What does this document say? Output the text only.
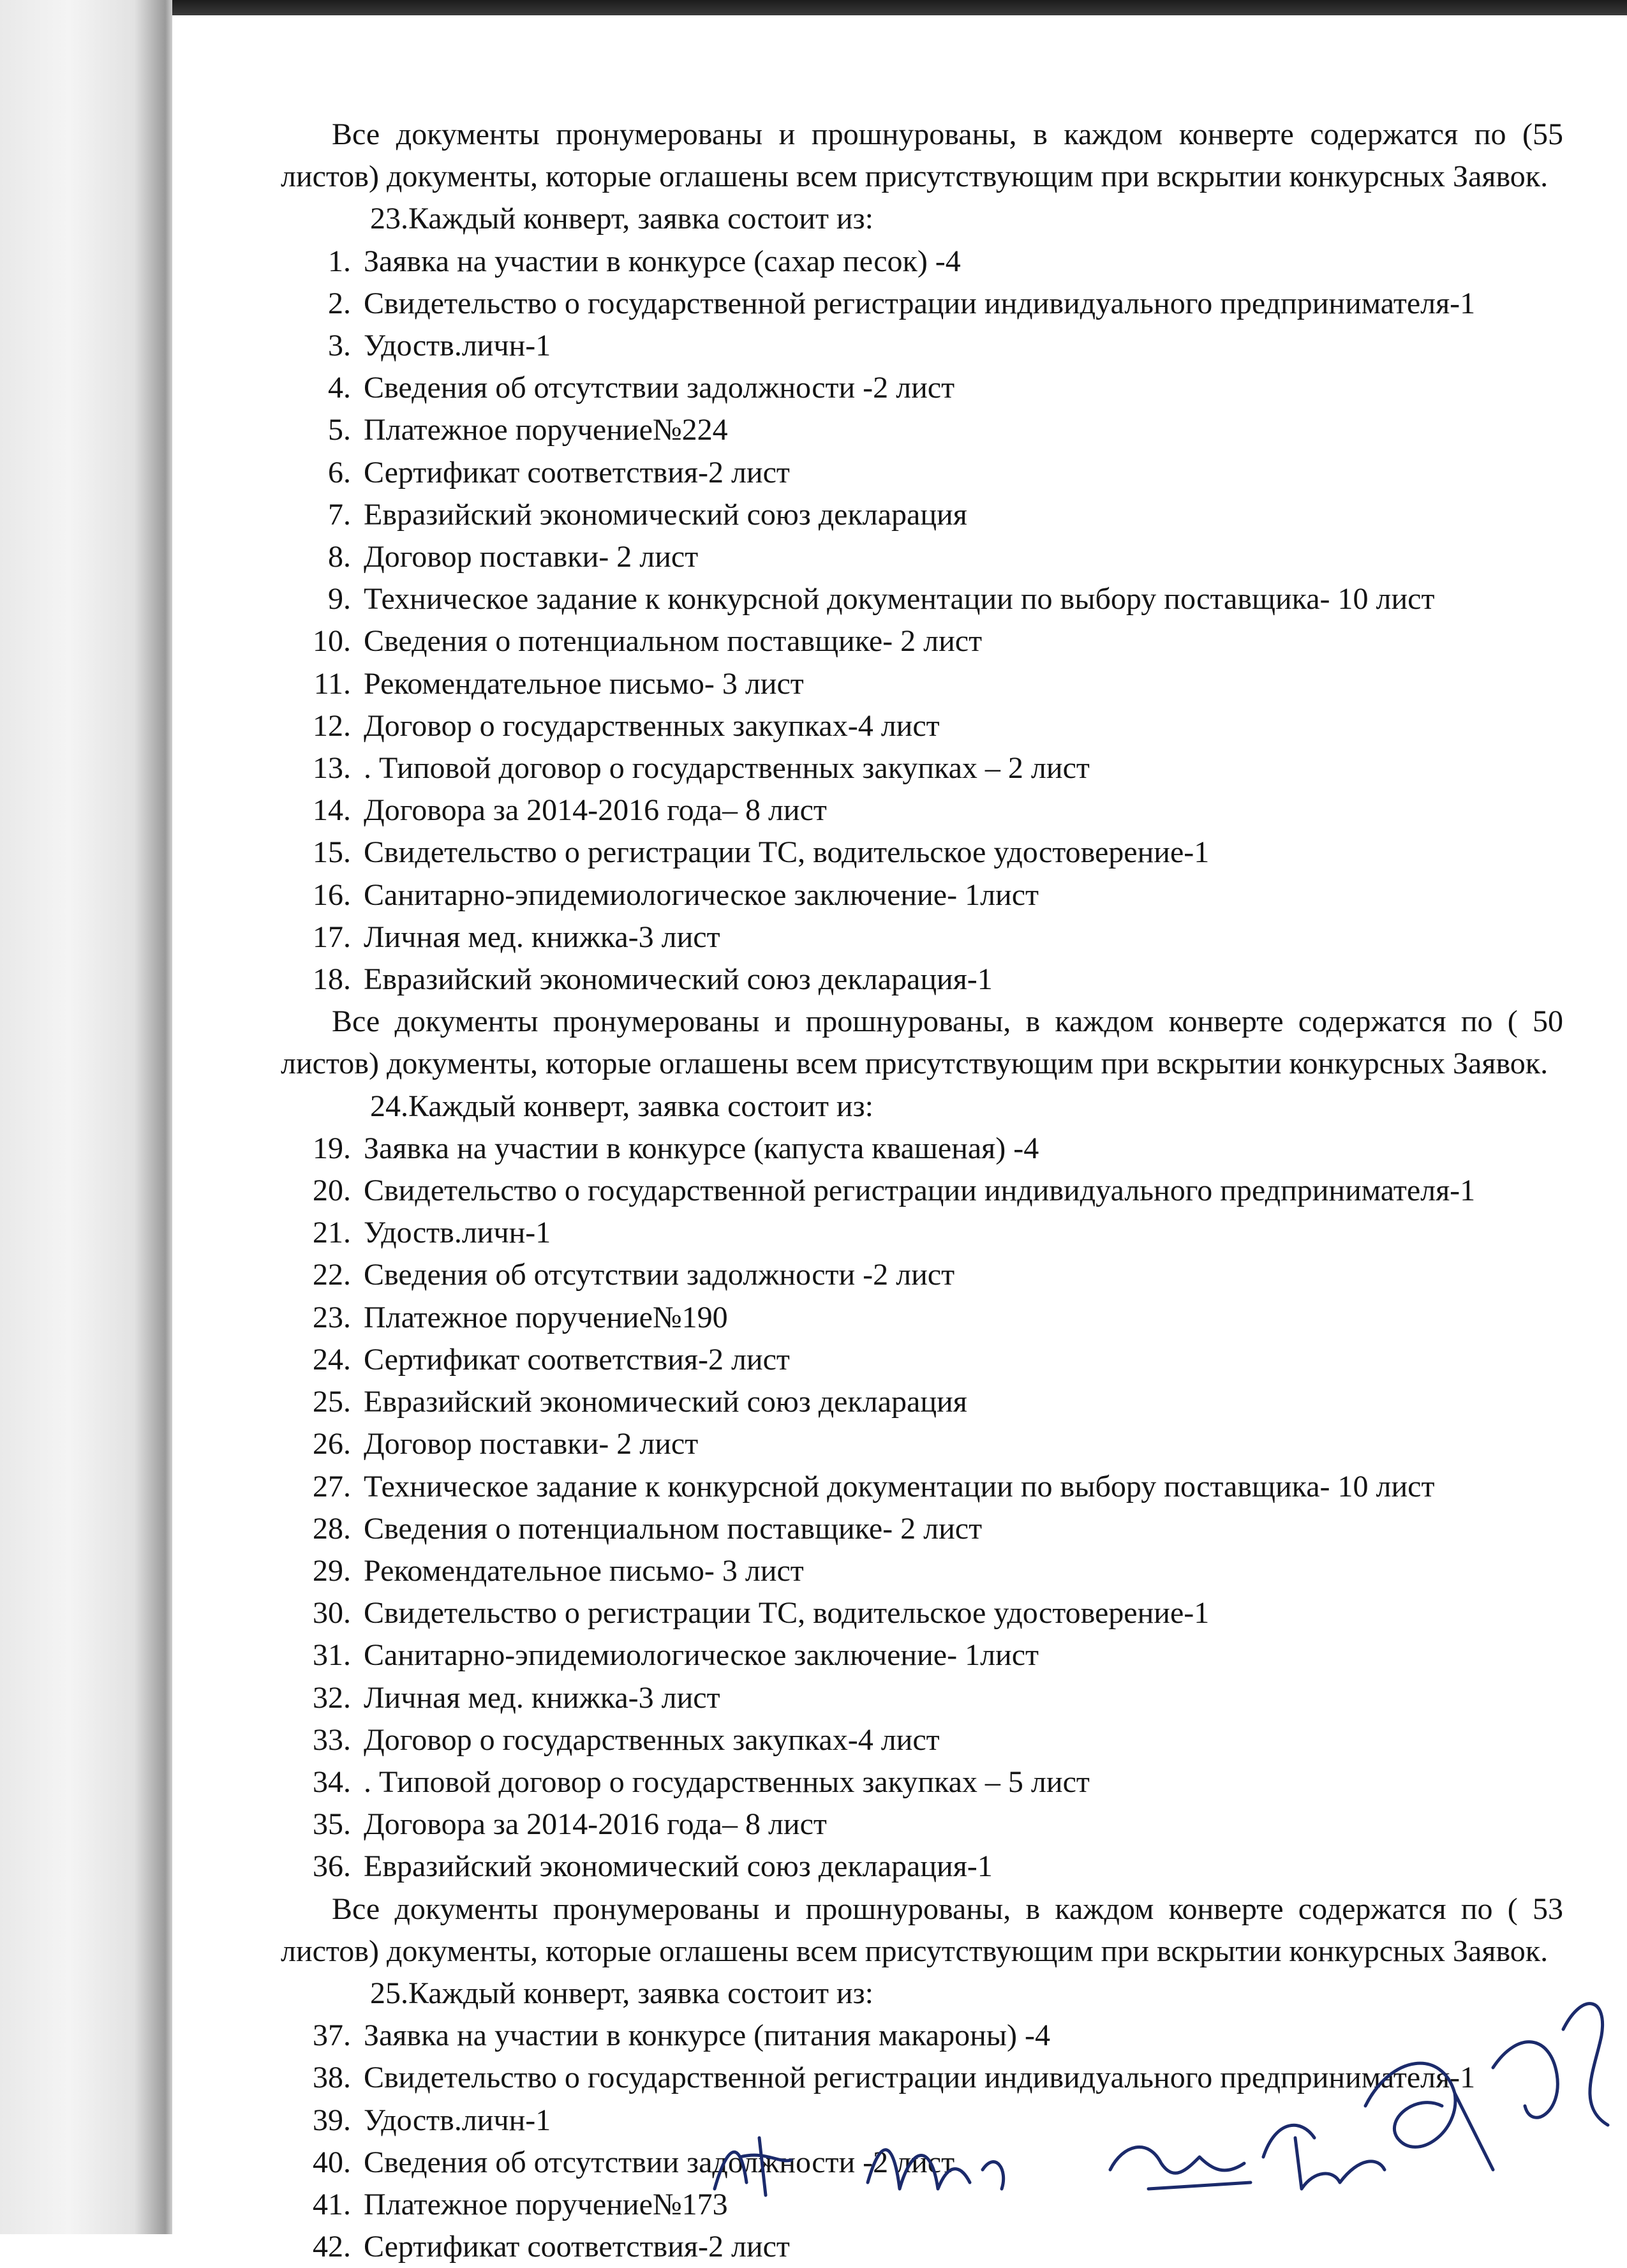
Все документы пронумерованы и прошнурованы, в каждом конверте содержатся по (55 листов) документы, которые оглашены всем присутствующим при вскрытии конкурсных Заявок.

23.Каждый конверт, заявка состоит из:

1. Заявка на участии в конкурсе (сахар песок) -4
2. Свидетельство о государственной регистрации индивидуального предпринимателя-1
3. Удоств.личн-1
4. Сведения об отсутствии задолжности -2 лист
5. Платежное поручение№224
6. Сертификат соответствия-2 лист
7. Евразийский экономический союз декларация
8. Договор поставки- 2 лист
9. Техническое задание к конкурсной документации по выбору поставщика- 10 лист
10. Сведения о потенциальном поставщике- 2 лист
11. Рекомендательное письмо- 3 лист
12. Договор о государственных закупках-4 лист
13. . Типовой договор о государственных закупках – 2 лист
14. Договора за 2014-2016 года– 8 лист
15. Свидетельство о регистрации ТС, водительское удостоверение-1
16. Санитарно-эпидемиологическое заключение- 1лист
17. Личная мед. книжка-3 лист
18. Евразийский экономический союз декларация-1

Все документы пронумерованы и прошнурованы, в каждом конверте содержатся по ( 50 листов) документы, которые оглашены всем присутствующим при вскрытии конкурсных Заявок.

24.Каждый конверт, заявка состоит из:

19. Заявка на участии в конкурсе (капуста квашеная) -4
20. Свидетельство о государственной регистрации индивидуального предпринимателя-1
21. Удоств.личн-1
22. Сведения об отсутствии задолжности -2 лист
23. Платежное поручение№190
24. Сертификат соответствия-2 лист
25. Евразийский экономический союз декларация
26. Договор поставки- 2 лист
27. Техническое задание к конкурсной документации по выбору поставщика- 10 лист
28. Сведения о потенциальном поставщике- 2 лист
29. Рекомендательное письмо- 3 лист
30. Свидетельство о регистрации ТС, водительское удостоверение-1
31. Санитарно-эпидемиологическое заключение- 1лист
32. Личная мед. книжка-3 лист
33. Договор о государственных закупках-4 лист
34. . Типовой договор о государственных закупках – 5 лист
35. Договора за 2014-2016 года– 8 лист
36. Евразийский экономический союз декларация-1

Все документы пронумерованы и прошнурованы, в каждом конверте содержатся по ( 53 листов) документы, которые оглашены всем присутствующим при вскрытии конкурсных Заявок.

25.Каждый конверт, заявка состоит из:

37. Заявка на участии в конкурсе (питания макароны) -4
38. Свидетельство о государственной регистрации индивидуального предпринимателя-1
39. Удоств.личн-1
40. Сведения об отсутствии задолжности -2 лист
41. Платежное поручение№173
42. Сертификат соответствия-2 лист
